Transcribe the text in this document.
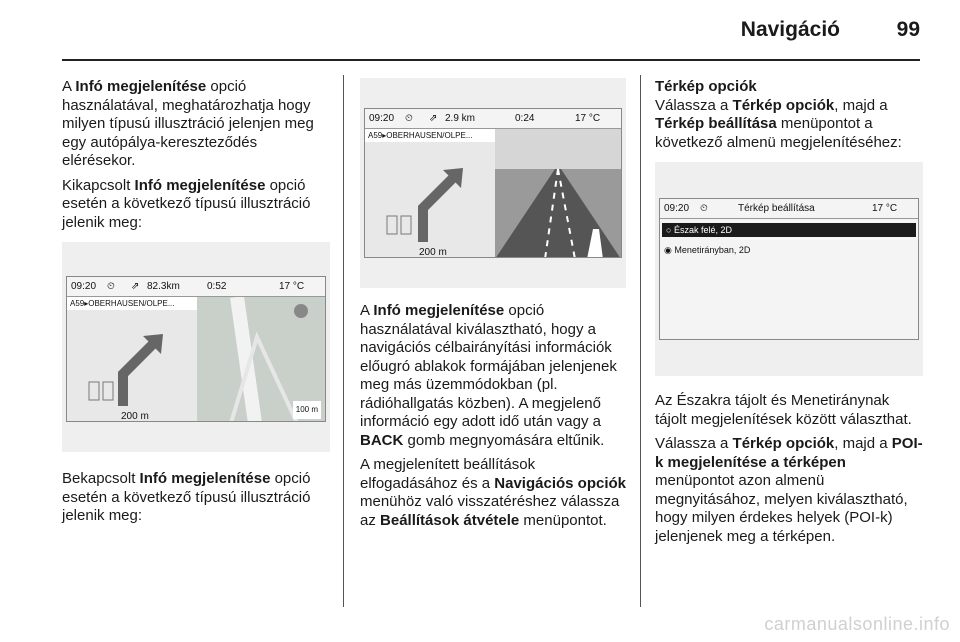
Navigáció	99

A Infó megjelenítése opció használatával, meghatározhatja hogy milyen típusú illusztráció jelenjen meg egy autópálya-kereszteződés elérésekor.

Kikapcsolt Infó megjelenítése opció esetén a következő típusú illusztráció jelenik meg:

09:20 ⏲ ⇗ 82.3km	0:52	17 °C
A59▸OBERHAUSEN/OLPE...
200 m
100 m

Bekapcsolt Infó megjelenítése opció esetén a következő típusú illusztráció jelenik meg:

09:20 ⏲ ⇗ 2.9 km	0:24	17 °C
A59▸OBERHAUSEN/OLPE...
200 m

A Infó megjelenítése opció használatával kiválasztható, hogy a navigációs célbairányítási információk előugró ablakok formájában jelenjenek meg más üzemmódokban (pl. rádióhallgatás közben). A megjelenő információ egy adott idő után vagy a BACK gomb megnyomására eltűnik.

A megjelenített beállítások elfogadásához és a Navigációs opciók menühöz való visszatéréshez válassza az Beállítások átvétele menüpontot.

Térkép opciók

Válassza a Térkép opciók, majd a Térkép beállítása menüpontot a következő almenü megjelenítéséhez:

09:20 ⏲	Térkép beállítása	17 °C
○ Észak felé, 2D
◉ Menetirányban, 2D

Az Északra tájolt és Menetiránynak tájolt megjelenítések között választhat.

Válassza a Térkép opciók, majd a POI-k megjelenítése a térképen menüpontot azon almenü megnyitásához, melyen kiválasztható, hogy milyen érdekes helyek (POI-k) jelenjenek meg a térképen.

carmanualsonline.info
